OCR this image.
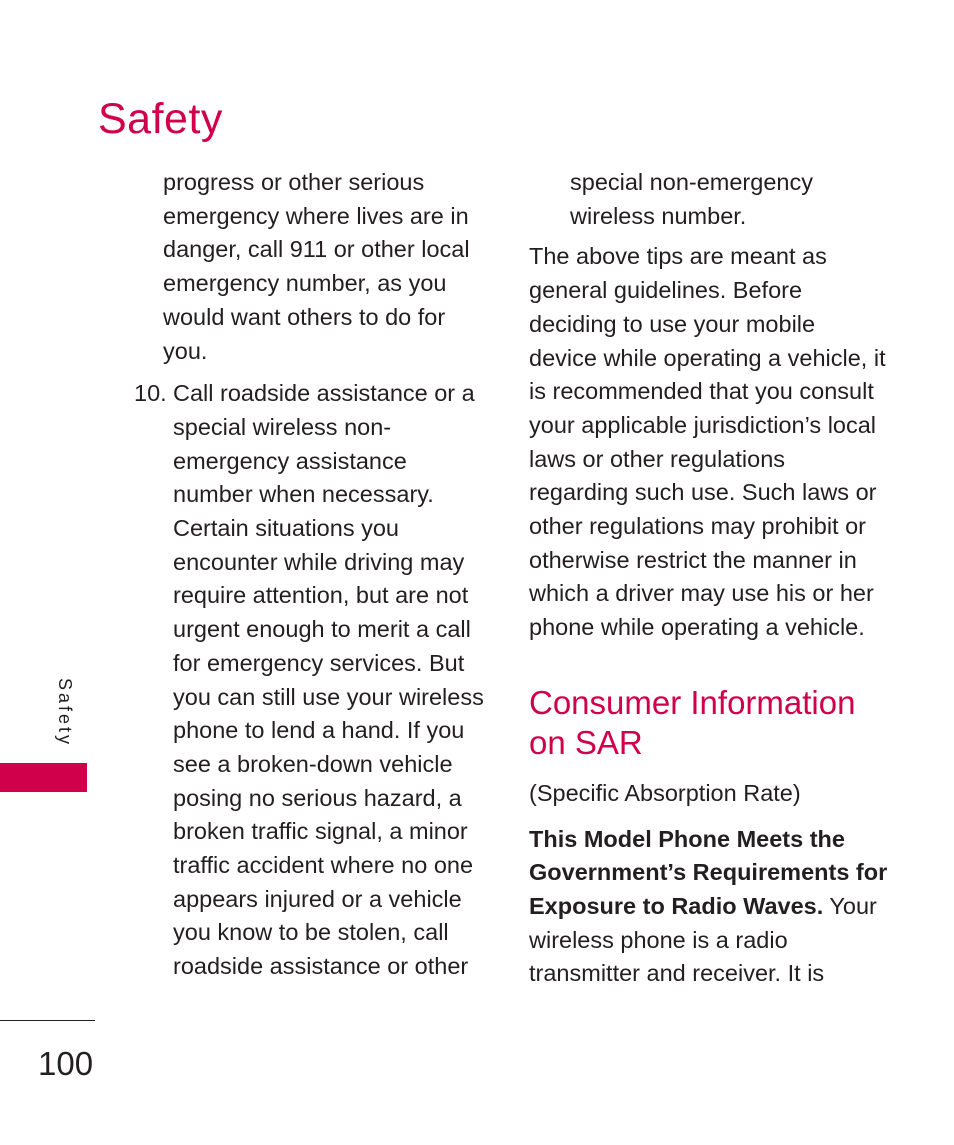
Safety

progress or other serious emergency where lives are in danger, call 911 or other local emergency number, as you would want others to do for you.

10. Call roadside assistance or a special wireless non-emergency assistance number when necessary. Certain situations you encounter while driving may require attention, but are not urgent enough to merit a call for emergency services. But you can still use your wireless phone to lend a hand. If you see a broken-down vehicle posing no serious hazard, a broken traffic signal, a minor traffic accident where no one appears injured or a vehicle you know to be stolen, call roadside assistance or other

special non-emergency wireless number.

The above tips are meant as general guidelines. Before deciding to use your mobile device while operating a vehicle, it is recommended that you consult your applicable jurisdiction’s local laws or other regulations regarding such use. Such laws or other regulations may prohibit or otherwise restrict the manner in which a driver may use his or her phone while operating a vehicle.

Consumer Information on SAR

(Specific Absorption Rate)

This Model Phone Meets the Government’s Requirements for Exposure to Radio Waves. Your wireless phone is a radio transmitter and receiver. It is

Safety
100
